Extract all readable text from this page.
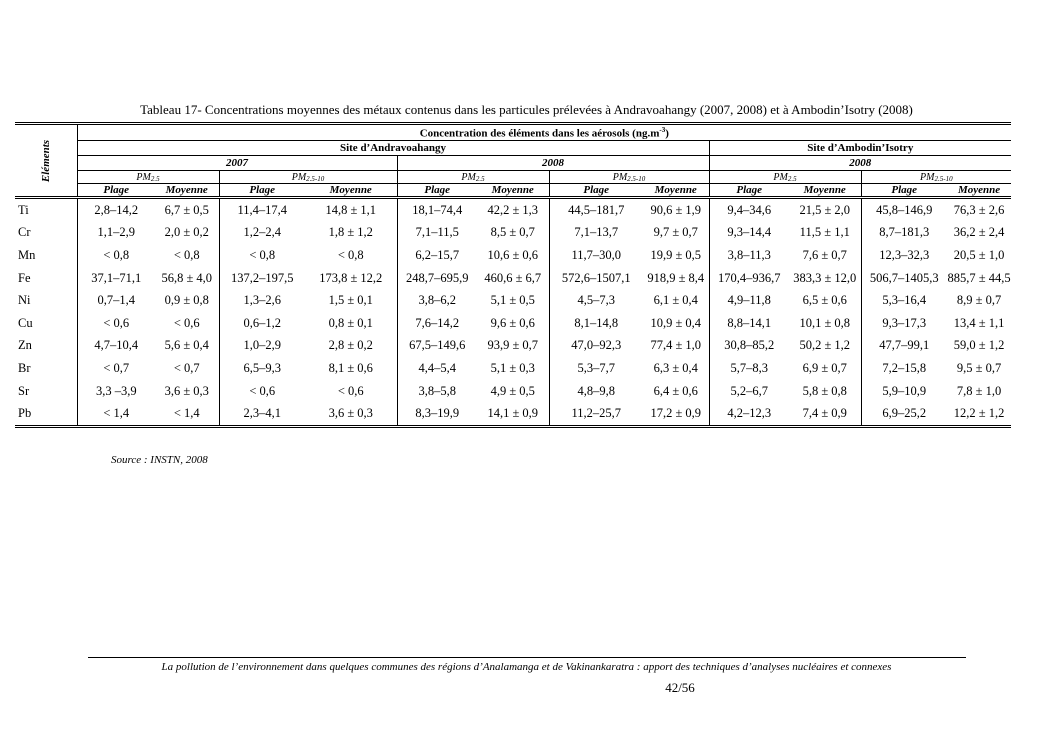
Tableau 17- Concentrations moyennes des métaux contenus dans les particules prélevées à Andravoahangy (2007, 2008) et à Ambodin’Isotry (2008)
Eléments	Concentration des éléments dans les aérosols $(ng.m^{-3})$											
	Site d’Andravoahangy								Site d’Ambodin’Isotry			
	2007				2008				2008			
	$PM_{2.5}$		$PM_{2.5-10}$		$PM_{2.5}$		$PM_{2.5-10}$		$PM_{2.5}$		$PM_{2.5-10}$
	Plage	Moyenne	Plage	Moyenne	Plage	Moyenne	Plage	Moyenne	Plage	Moyenne	Plage	Moyenne
Ti	2,8–14,2	6,7 ± 0,5	11,4–17,4	14,8 ± 1,1	18,1–74,4	42,2 ± 1,3	44,5–181,7	90,6 ± 1,9	9,4–34,6	21,5 ± 2,0	45,8–146,9	76,3 ± 2,6
Cr	1,1–2,9	2,0 ± 0,2	1,2–2,4	1,8 ± 1,2	7,1–11,5	8,5 ± 0,7	7,1–13,7	9,7 ± 0,7	9,3–14,4	11,5 ± 1,1	8,7–181,3	36,2 ± 2,4
Mn	< 0,8	< 0,8	< 0,8	< 0,8	6,2–15,7	10,6 ± 0,6	11,7–30,0	19,9 ± 0,5	3,8–11,3	7,6 ± 0,7	12,3–32,3	20,5 ± 1,0
Fe	37,1–71,1	56,8 ± 4,0	137,2–197,5	173,8 ± 12,2	248,7–695,9	460,6 ± 6,7	572,6–1507,1	918,9 ± 8,4	170,4–936,7	383,3 ± 12,0	506,7–1405,3	885,7 ± 44,5
Ni	0,7–1,4	0,9 ± 0,8	1,3–2,6	1,5 ± 0,1	3,8–6,2	5,1 ± 0,5	4,5–7,3	6,1 ± 0,4	4,9–11,8	6,5 ± 0,6	5,3–16,4	8,9 ± 0,7
Cu	< 0,6	< 0,6	0,6–1,2	0,8 ± 0,1	7,6–14,2	9,6 ± 0,6	8,1–14,8	10,9 ± 0,4	8,8–14,1	10,1 ± 0,8	9,3–17,3	13,4 ± 1,1
Zn	4,7–10,4	5,6 ± 0,4	1,0–2,9	2,8 ± 0,2	67,5–149,6	93,9 ± 0,7	47,0–92,3	77,4 ± 1,0	30,8–85,2	50,2 ± 1,2	47,7–99,1	59,0 ± 1,2
Br	< 0,7	< 0,7	6,5–9,3	8,1 ± 0,6	4,4–5,4	5,1 ± 0,3	5,3–7,7	6,3 ± 0,4	5,7–8,3	6,9 ± 0,7	7,2–15,8	9,5 ± 0,7
Sr	3,3 –3,9	3,6 ± 0,3	< 0,6	< 0,6	3,8–5,8	4,9 ± 0,5	4,8–9,8	6,4 ± 0,6	5,2–6,7	5,8 ± 0,8	5,9–10,9	7,8 ± 1,0
Pb	< 1,4	< 1,4	2,3–4,1	3,6 ± 0,3	8,3–19,9	14,1 ± 0,9	11,2–25,7	17,2 ± 0,9	4,2–12,3	7,4 ± 0,9	6,9–25,2	12,2 ± 1,2
Source : INSTN, 2008
La pollution de l’environnement dans quelques communes des régions d’Analamanga et de Vakinankaratra : apport des techniques d’analyses nucléaires et connexes
42/56
